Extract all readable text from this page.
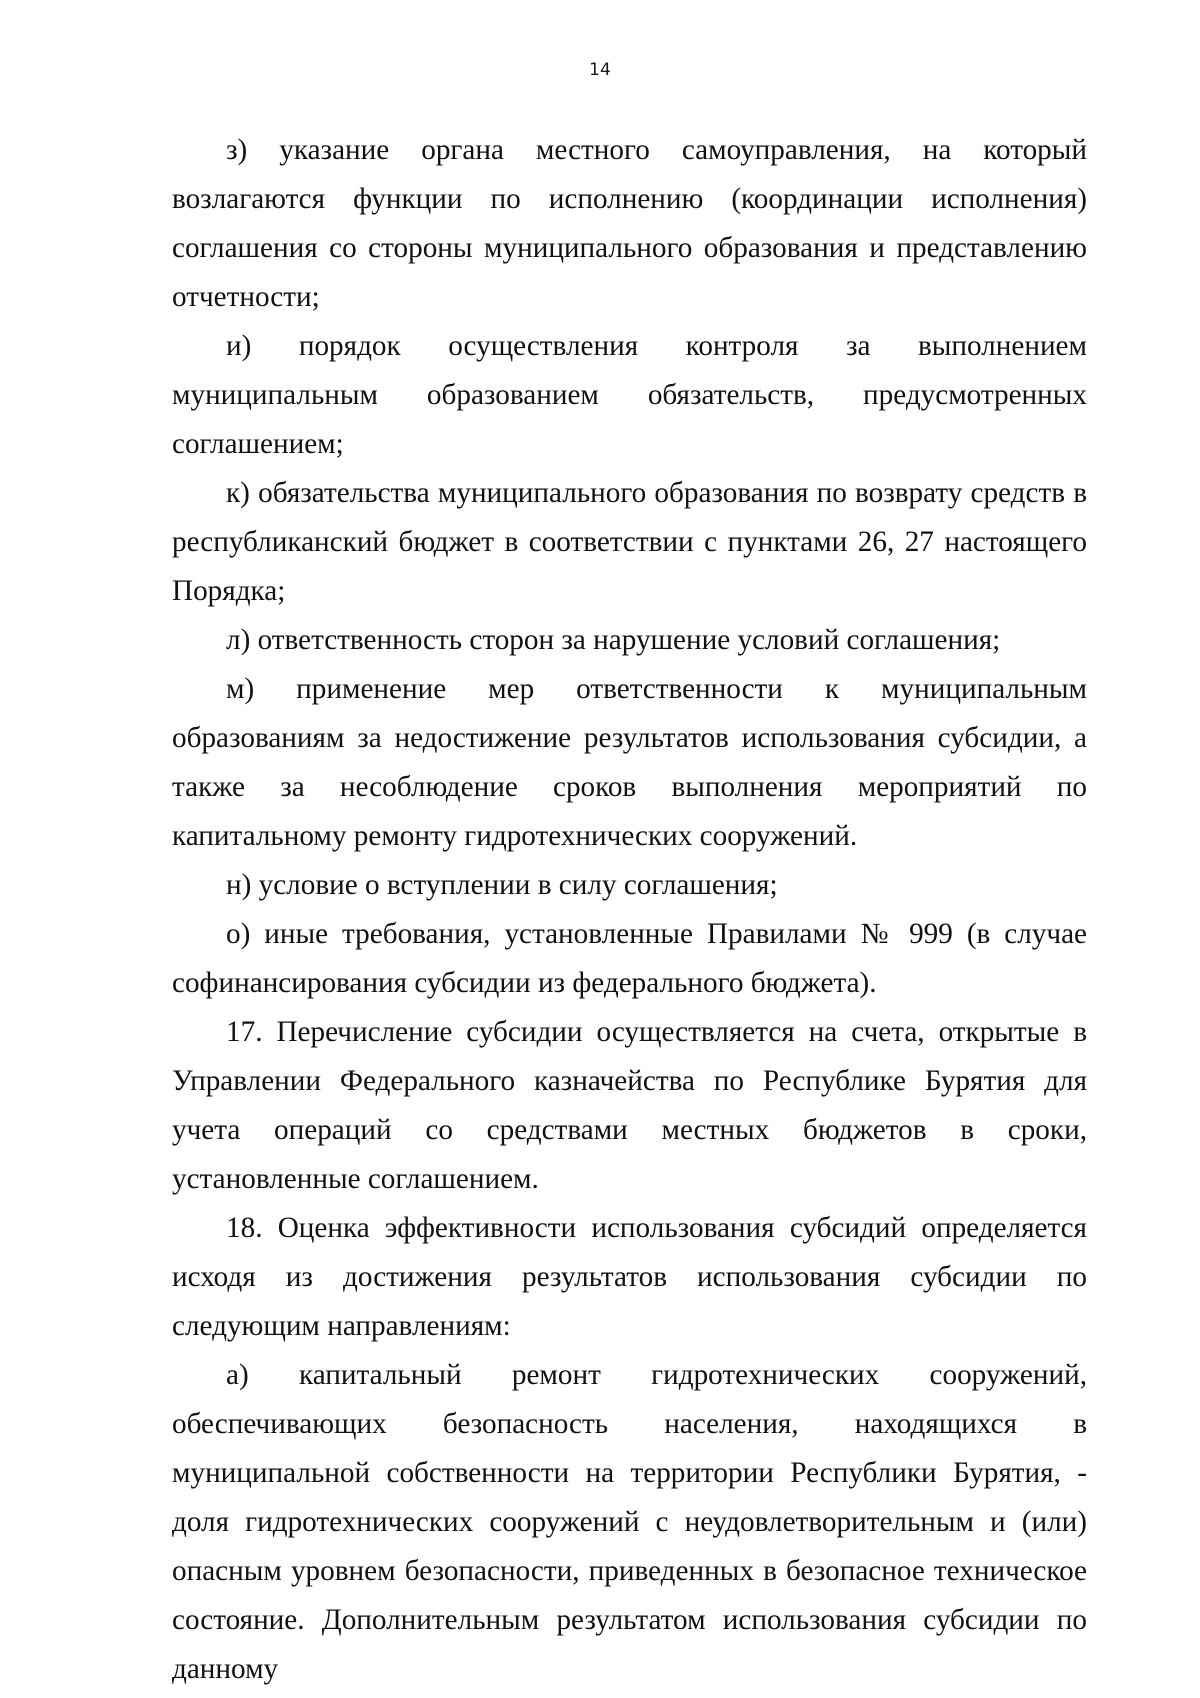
14

з) указание органа местного самоуправления, на который возлагаются функции по исполнению (координации исполнения) соглашения со стороны муниципального образования и представлению отчетности;

и) порядок осуществления контроля за выполнением муниципальным образованием обязательств, предусмотренных соглашением;

к) обязательства муниципального образования по возврату средств в республиканский бюджет в соответствии с пунктами 26, 27 настоящего Порядка;

л) ответственность сторон за нарушение условий соглашения;

м) применение мер ответственности к муниципальным образованиям за недостижение результатов использования субсидии, а также за несоблюдение сроков выполнения мероприятий по капитальному ремонту гидротехнических сооружений.

н) условие о вступлении в силу соглашения;

о) иные требования, установленные Правилами № 999 (в случае софинансирования субсидии из федерального бюджета).

17. Перечисление субсидии осуществляется на счета, открытые в Управлении Федерального казначейства по Республике Бурятия для учета операций со средствами местных бюджетов в сроки, установленные соглашением.

18. Оценка эффективности использования субсидий определяется исходя из достижения результатов использования субсидии по следующим направлениям:

а) капитальный ремонт гидротехнических сооружений, обеспечивающих безопасность населения, находящихся в муниципальной собственности на территории Республики Бурятия, - доля гидротехнических сооружений с неудовлетворительным и (или) опасным уровнем безопасности, приведенных в безопасное техническое состояние. Дополнительным результатом использования субсидии по данному
